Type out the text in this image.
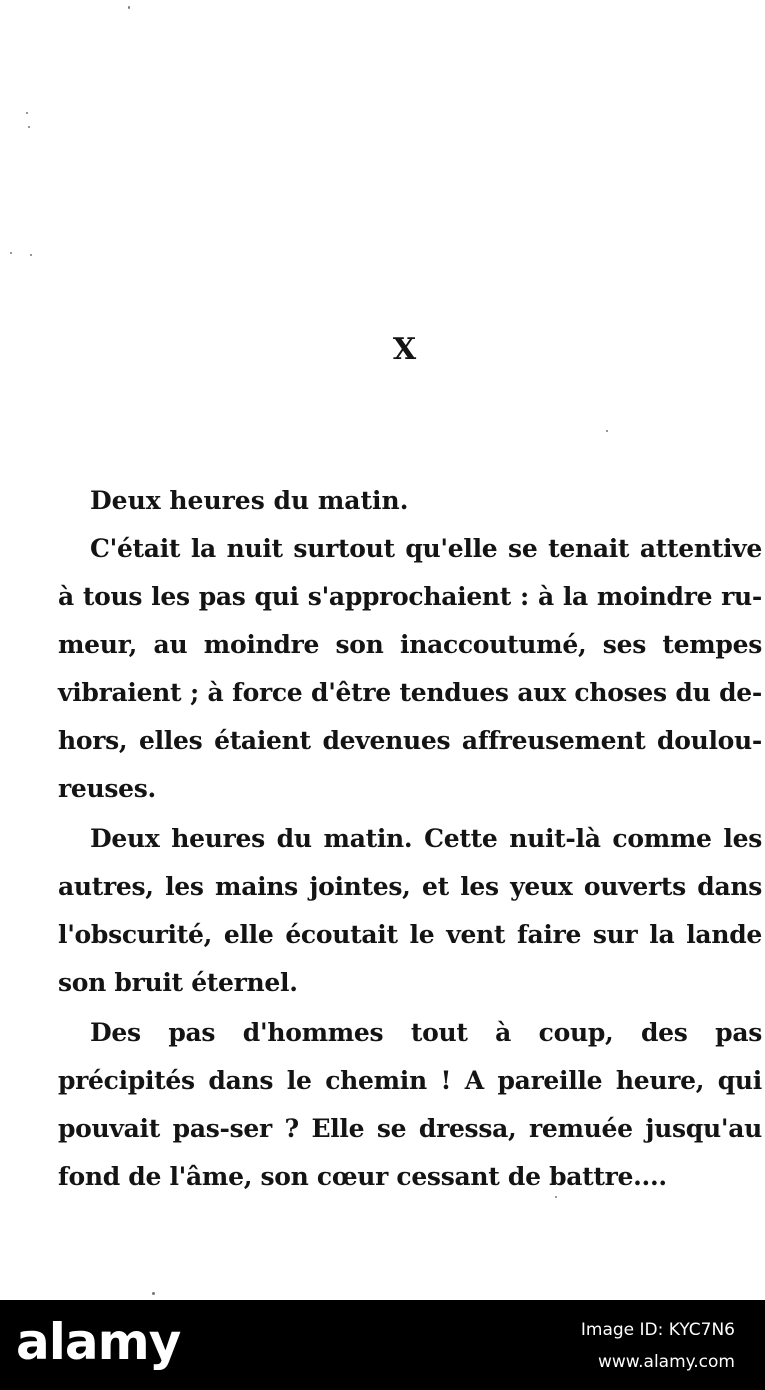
X
Deux heures du matin.

C'était la nuit surtout qu'elle se tenait attentive à tous les pas qui s'approchaient : à la moindre ru-meur, au moindre son inaccoutumé, ses tempes vibraient ; à force d'être tendues aux choses du de-hors, elles étaient devenues affreusement doulou-reuses.

Deux heures du matin. Cette nuit-là comme les autres, les mains jointes, et les yeux ouverts dans l'obscurité, elle écoutait le vent faire sur la lande son bruit éternel.

Des pas d'hommes tout à coup, des pas précipités dans le chemin ! A pareille heure, qui pouvait pas-ser ? Elle se dressa, remuée jusqu'au fond de l'âme, son cœur cessant de battre....

alamy	Image ID: KYC7N6
www.alamy.com
